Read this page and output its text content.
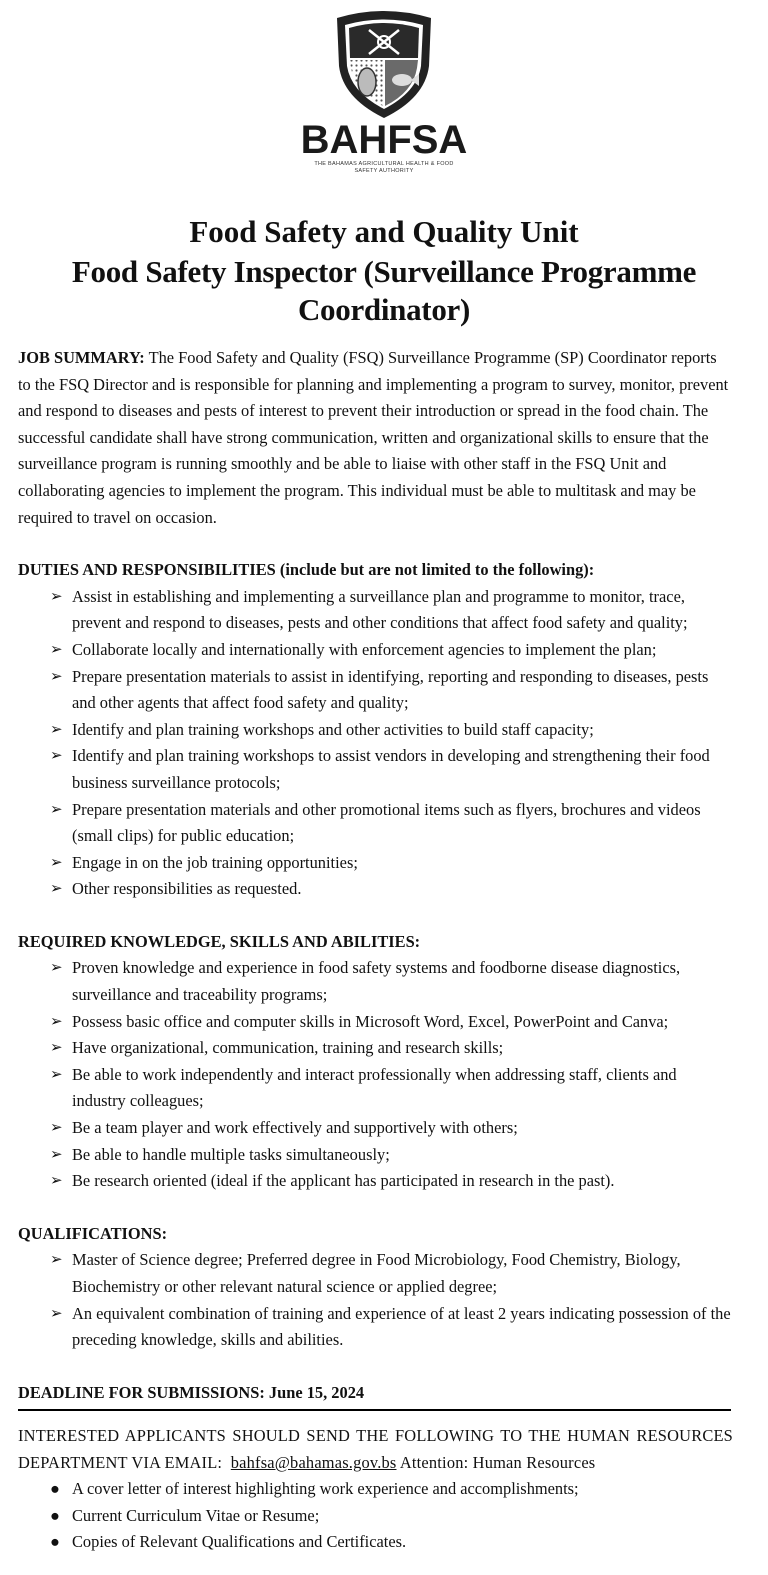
BAHFSA
THE BAHAMAS AGRICULTURAL HEALTH & FOOD SAFETY AUTHORITY
Food Safety and Quality Unit
Food Safety Inspector (Surveillance Programme Coordinator)

JOB SUMMARY: The Food Safety and Quality (FSQ) Surveillance Programme (SP) Coordinator reports to the FSQ Director and is responsible for planning and implementing a program to survey, monitor, prevent and respond to diseases and pests of interest to prevent their introduction or spread in the food chain. The successful candidate shall have strong communication, written and organizational skills to ensure that the surveillance program is running smoothly and be able to liaise with other staff in the FSQ Unit and collaborating agencies to implement the program. This individual must be able to multitask and may be required to travel on occasion.

DUTIES AND RESPONSIBILITIES (include but are not limited to the following):

➢ Assist in establishing and implementing a surveillance plan and programme to monitor, trace, prevent and respond to diseases, pests and other conditions that affect food safety and quality;
➢ Collaborate locally and internationally with enforcement agencies to implement the plan;
➢ Prepare presentation materials to assist in identifying, reporting and responding to diseases, pests and other agents that affect food safety and quality;
➢ Identify and plan training workshops and other activities to build staff capacity;
➢ Identify and plan training workshops to assist vendors in developing and strengthening their food business surveillance protocols;
➢ Prepare presentation materials and other promotional items such as flyers, brochures and videos (small clips) for public education;
➢ Engage in on the job training opportunities;
➢ Other responsibilities as requested.

REQUIRED KNOWLEDGE, SKILLS AND ABILITIES:

➢ Proven knowledge and experience in food safety systems and foodborne disease diagnostics, surveillance and traceability programs;
➢ Possess basic office and computer skills in Microsoft Word, Excel, PowerPoint and Canva;
➢ Have organizational, communication, training and research skills;
➢ Be able to work independently and interact professionally when addressing staff, clients and industry colleagues;
➢ Be a team player and work effectively and supportively with others;
➢ Be able to handle multiple tasks simultaneously;
➢ Be research oriented (ideal if the applicant has participated in research in the past).

QUALIFICATIONS:

➢ Master of Science degree; Preferred degree in Food Microbiology, Food Chemistry, Biology, Biochemistry or other relevant natural science or applied degree;
➢ An equivalent combination of training and experience of at least 2 years indicating possession of the preceding knowledge, skills and abilities.

DEADLINE FOR SUBMISSIONS: June 15, 2024

INTERESTED APPLICANTS SHOULD SEND THE FOLLOWING TO THE HUMAN RESOURCES DEPARTMENT VIA EMAIL: bahfsa@bahamas.gov.bs Attention: Human Resources

● A cover letter of interest highlighting work experience and accomplishments;
● Current Curriculum Vitae or Resume;
● Copies of Relevant Qualifications and Certificates.
